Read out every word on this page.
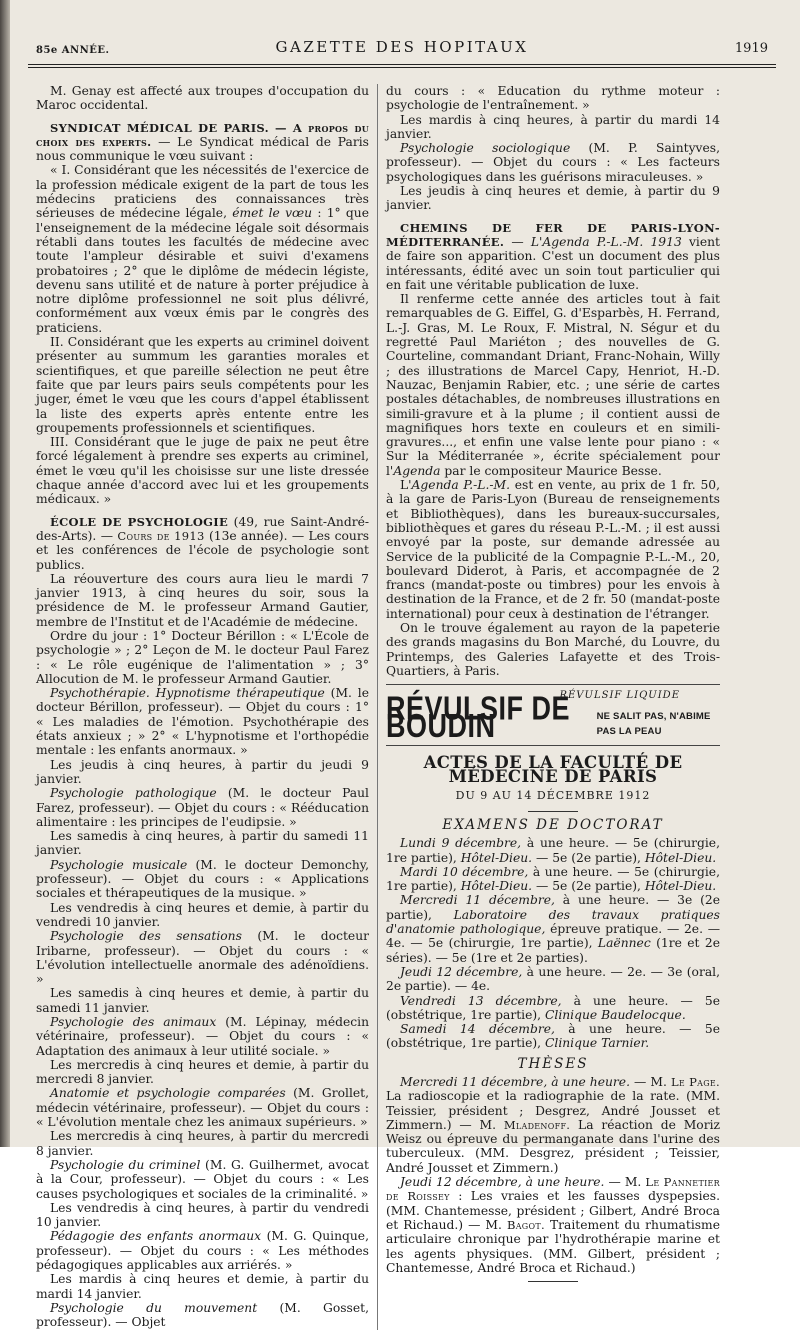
85e ANNÉE.	GAZETTE DES HOPITAUX	1919

M. Genay est affecté aux troupes d'occupation du Maroc occidental.

SYNDICAT MÉDICAL DE PARIS. — A propos du choix des experts. — Le Syndicat médical de Paris nous communique le vœu suivant :

« I. Considérant que les nécessités de l'exercice de la profession médicale exigent de la part de tous les médecins praticiens des connaissances très sérieuses de médecine légale, émet le vœu : 1° que l'enseignement de la médecine légale soit désormais rétabli dans toutes les facultés de médecine avec toute l'ampleur désirable et suivi d'examens probatoires ; 2° que le diplôme de médecin légiste, devenu sans utilité et de nature à porter préjudice à notre diplôme professionnel ne soit plus délivré, conformément aux vœux émis par le congrès des praticiens.

II. Considérant que les experts au criminel doivent présenter au summum les garanties morales et scientifiques, et que pareille sélection ne peut être faite que par leurs pairs seuls compétents pour les juger, émet le vœu que les cours d'appel établissent la liste des experts après entente entre les groupements professionnels et scientifiques.

III. Considérant que le juge de paix ne peut être forcé légalement à prendre ses experts au criminel, émet le vœu qu'il les choisisse sur une liste dressée chaque année d'accord avec lui et les groupements médicaux. »

ÉCOLE DE PSYCHOLOGIE (49, rue Saint-André-des-Arts). — Cours de 1913 (13e année). — Les cours et les conférences de l'école de psychologie sont publics.

La réouverture des cours aura lieu le mardi 7 janvier 1913, à cinq heures du soir, sous la présidence de M. le professeur Armand Gautier, membre de l'Institut et de l'Académie de médecine.

Ordre du jour : 1° Docteur Bérillon : « L'École de psychologie » ; 2° Leçon de M. le docteur Paul Farez : « Le rôle eugénique de l'alimentation » ; 3° Allocution de M. le professeur Armand Gautier.

Psychothérapie. Hypnotisme thérapeutique (M. le docteur Bérillon, professeur). — Objet du cours : 1° « Les maladies de l'émotion. Psychothérapie des états anxieux ; » 2° « L'hypnotisme et l'orthopédie mentale : les enfants anormaux. »

Les jeudis à cinq heures, à partir du jeudi 9 janvier.

Psychologie pathologique (M. le docteur Paul Farez, professeur). — Objet du cours : « Rééducation alimentaire : les principes de l'eudipsie. »

Les samedis à cinq heures, à partir du samedi 11 janvier.

Psychologie musicale (M. le docteur Demonchy, professeur). — Objet du cours : « Applications sociales et thérapeutiques de la musique. »

Les vendredis à cinq heures et demie, à partir du vendredi 10 janvier.

Psychologie des sensations (M. le docteur Iribarne, professeur). — Objet du cours : « L'évolution intellectuelle anormale des adénoïdiens. »

Les samedis à cinq heures et demie, à partir du samedi 11 janvier.

Psychologie des animaux (M. Lépinay, médecin vétérinaire, professeur). — Objet du cours : « Adaptation des animaux à leur utilité sociale. »

Les mercredis à cinq heures et demie, à partir du mercredi 8 janvier.

Anatomie et psychologie comparées (M. Grollet, médecin vétérinaire, professeur). — Objet du cours : « L'évolution mentale chez les animaux supérieurs. »

Les mercredis à cinq heures, à partir du mercredi 8 janvier.

Psychologie du criminel (M. G. Guilhermet, avocat à la Cour, professeur). — Objet du cours : « Les causes psychologiques et sociales de la criminalité. »

Les vendredis à cinq heures, à partir du vendredi 10 janvier.

Pédagogie des enfants anormaux (M. G. Quinque, professeur). — Objet du cours : « Les méthodes pédagogiques applicables aux arriérés. »

Les mardis à cinq heures et demie, à partir du mardi 14 janvier.

Psychologie du mouvement (M. Gosset, professeur). — Objet

du cours : « Education du rythme moteur : psychologie de l'entraînement. »

Les mardis à cinq heures, à partir du mardi 14 janvier.

Psychologie sociologique (M. P. Saintyves, professeur). — Objet du cours : « Les facteurs psychologiques dans les guérisons miraculeuses. »

Les jeudis à cinq heures et demie, à partir du 9 janvier.

CHEMINS DE FER DE PARIS-LYON-MÉDITERRANÉE. — L'Agenda P.-L.-M. 1913 vient de faire son apparition. C'est un document des plus intéressants, édité avec un soin tout particulier qui en fait une véritable publication de luxe.

Il renferme cette année des articles tout à fait remarquables de G. Eiffel, G. d'Esparbès, H. Ferrand, L.-J. Gras, M. Le Roux, F. Mistral, N. Ségur et du regretté Paul Mariéton ; des nouvelles de G. Courteline, commandant Driant, Franc-Nohain, Willy ; des illustrations de Marcel Capy, Henriot, H.-D. Nauzac, Benjamin Rabier, etc. ; une série de cartes postales détachables, de nombreuses illustrations en simili-gravure et à la plume ; il contient aussi de magnifiques hors texte en couleurs et en simili-gravures..., et enfin une valse lente pour piano : « Sur la Méditerranée », écrite spécialement pour l'Agenda par le compositeur Maurice Besse.

L'Agenda P.-L.-M. est en vente, au prix de 1 fr. 50, à la gare de Paris-Lyon (Bureau de renseignements et Bibliothèques), dans les bureaux-succursales, bibliothèques et gares du réseau P.-L.-M. ; il est aussi envoyé par la poste, sur demande adressée au Service de la publicité de la Compagnie P.-L.-M., 20, boulevard Diderot, à Paris, et accompagnée de 2 francs (mandat-poste ou timbres) pour les envois à destination de la France, et de 2 fr. 50 (mandat-poste international) pour ceux à destination de l'étranger.

On le trouve également au rayon de la papeterie des grands magasins du Bon Marché, du Louvre, du Printemps, des Galeries Lafayette et des Trois-Quartiers, à Paris.

RÉVULSIF LIQUIDE
RÉVULSIF DE BOUDIN	NE SALIT PAS, N'ABIME PAS LA PEAU
ACTES DE LA FACULTÉ DE MÉDECINE DE PARIS
DU 9 AU 14 DÉCEMBRE 1912
EXAMENS DE DOCTORAT

Lundi 9 décembre, à une heure. — 5e (chirurgie, 1re partie), Hôtel-Dieu. — 5e (2e partie), Hôtel-Dieu.

Mardi 10 décembre, à une heure. — 5e (chirurgie, 1re partie), Hôtel-Dieu. — 5e (2e partie), Hôtel-Dieu.

Mercredi 11 décembre, à une heure. — 3e (2e partie), Laboratoire des travaux pratiques d'anatomie pathologique, épreuve pratique. — 2e. — 4e. — 5e (chirurgie, 1re partie), Laënnec (1re et 2e séries). — 5e (1re et 2e parties).

Jeudi 12 décembre, à une heure. — 2e. — 3e (oral, 2e partie). — 4e.

Vendredi 13 décembre, à une heure. — 5e (obstétrique, 1re partie), Clinique Baudelocque.

Samedi 14 décembre, à une heure. — 5e (obstétrique, 1re partie), Clinique Tarnier.

THÈSES

Mercredi 11 décembre, à une heure. — M. Le Page. La radioscopie et la radiographie de la rate. (MM. Teissier, président ; Desgrez, André Jousset et Zimmern.) — M. Mladenoff. La réaction de Moriz Weisz ou épreuve du permanganate dans l'urine des tuberculeux. (MM. Desgrez, président ; Teissier, André Jousset et Zimmern.)

Jeudi 12 décembre, à une heure. — M. Le Pannetier de Roissey : Les vraies et les fausses dyspepsies. (MM. Chantemesse, président ; Gilbert, André Broca et Richaud.) — M. Bagot. Traitement du rhumatisme articulaire chronique par l'hydrothérapie marine et les agents physiques. (MM. Gilbert, président ; Chantemesse, André Broca et Richaud.)
